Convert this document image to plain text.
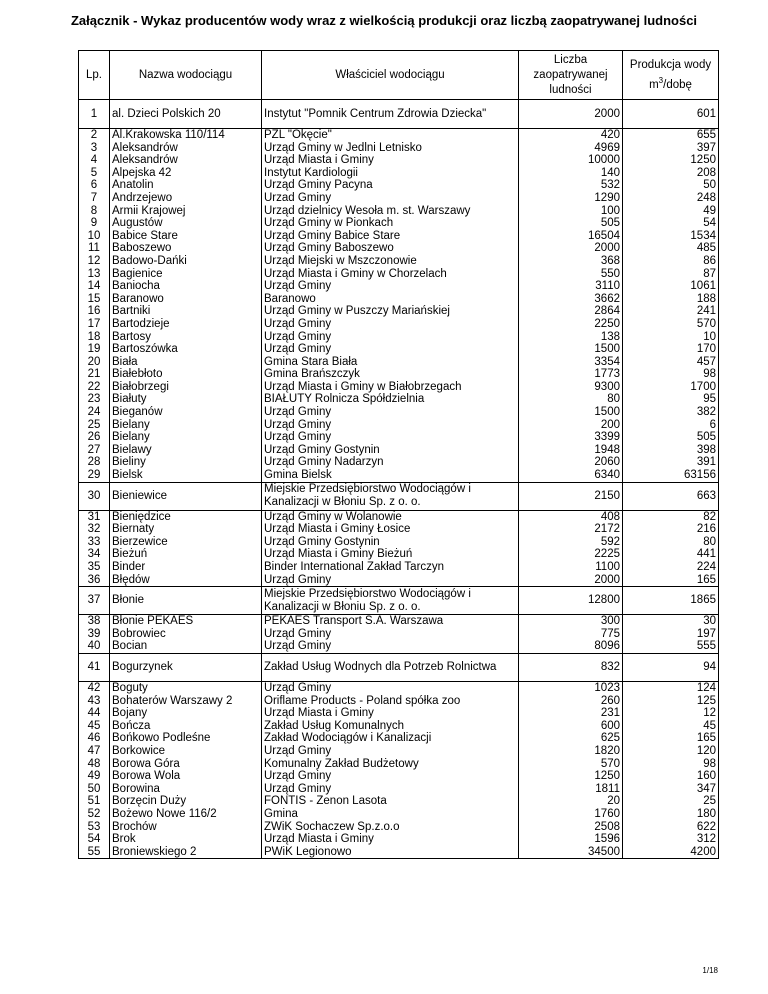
Załącznik - Wykaz producentów wody wraz z wielkością produkcji oraz liczbą zaopatrywanej ludności
Lp.	Nazwa wodociągu	Właściciel wodociągu	Liczba zaopatrywanej ludności	Produkcja wody $m^3$/dobę
1	al. Dzieci Polskich 20	Instytut "Pomnik Centrum Zdrowia Dziecka"	2000	601
2	Al.Krakowska 110/114	PZL "Okęcie"	420	655
3	Aleksandrów	Urząd Gminy w Jedlni Letnisko	4969	397
4	Aleksandrów	Urząd Miasta i Gminy	10000	1250
5	Alpejska 42	Instytut Kardiologii	140	208
6	Anatolin	Urząd Gminy Pacyna	532	50
7	Andrzejewo	Urzad Gminy	1290	248
8	Armii Krajowej	Urząd dzielnicy Wesoła m. st. Warszawy	100	49
9	Augustów	Urząd Gminy w Pionkach	505	54
10	Babice Stare	Urząd Gminy Babice Stare	16504	1534
11	Baboszewo	Urząd Gminy Baboszewo	2000	485
12	Badowo-Dańki	Urząd Miejski w Mszczonowie	368	86
13	Bagienice	Urząd Miasta i Gminy w Chorzelach	550	87
14	Baniocha	Urząd Gminy	3110	1061
15	Baranowo	Baranowo	3662	188
16	Bartniki	Urząd Gminy w Puszczy Mariańskiej	2864	241
17	Bartodzieje	Urząd Gminy	2250	570
18	Bartosy	Urząd Gminy	138	10
19	Bartoszówka	Urząd Gminy	1500	170
20	Biała	Gmina Stara Biała	3354	457
21	Białebłoto	Gmina Brańszczyk	1773	98
22	Białobrzegi	Urząd Miasta i Gminy w Białobrzegach	9300	1700
23	Białuty	BIAŁUTY Rolnicza Spółdzielnia	80	95
24	Bieganów	Urząd Gminy	1500	382
25	Bielany	Urząd Gminy	200	6
26	Bielany	Urząd Gminy	3399	505
27	Bielawy	Urząd Gminy Gostynin	1948	398
28	Bieliny	Urząd Gminy Nadarzyn	2060	391
29	Bielsk	Gmina Bielsk	6340	63156
30	Bieniewice	Miejskie Przedsiębiorstwo Wodociągów i Kanalizacji w Błoniu Sp. z o. o.	2150	663
31	Bieniędzice	Urząd Gminy w Wolanowie	408	82
32	Biernaty	Urząd Miasta i Gminy Łosice	2172	216
33	Bierzewice	Urząd Gminy Gostynin	592	80
34	Bieżuń	Urząd Miasta i Gminy Bieżuń	2225	441
35	Binder	Binder International Zakład Tarczyn	1100	224
36	Błędów	Urząd Gminy	2000	165
37	Błonie	Miejskie Przedsiębiorstwo Wodociągów i Kanalizacji w Błoniu Sp. z o. o.	12800	1865
38	Błonie PEKAES	PEKAES Transport S.A. Warszawa	300	30
39	Bobrowiec	Urząd Gminy	775	197
40	Bocian	Urząd Gminy	8096	555
41	Bogurzynek	Zakład Usług Wodnych dla Potrzeb Rolnictwa	832	94
42	Boguty	Urząd Gminy	1023	124
43	Bohaterów Warszawy 2	Oriflame Products - Poland spółka zoo	260	125
44	Bojany	Urząd Miasta i Gminy	231	12
45	Bończa	Zakład Usług Komunalnych	600	45
46	Bońkowo Podleśne	Zakład Wodociągów i Kanalizacji	625	165
47	Borkowice	Urząd Gminy	1820	120
48	Borowa Góra	Komunalny Zakład Budżetowy	570	98
49	Borowa Wola	Urząd Gminy	1250	160
50	Borowina	Urząd Gminy	1811	347
51	Borzęcin Duży	FONTIS - Zenon Lasota	20	25
52	Bożewo Nowe 116/2	Gmina	1760	180
53	Brochów	ZWiK Sochaczew Sp.z.o.o	2508	622
54	Brok	Urząd Miasta i Gminy	1596	312
55	Broniewskiego 2	PWiK Legionowo	34500	4200
1/18
